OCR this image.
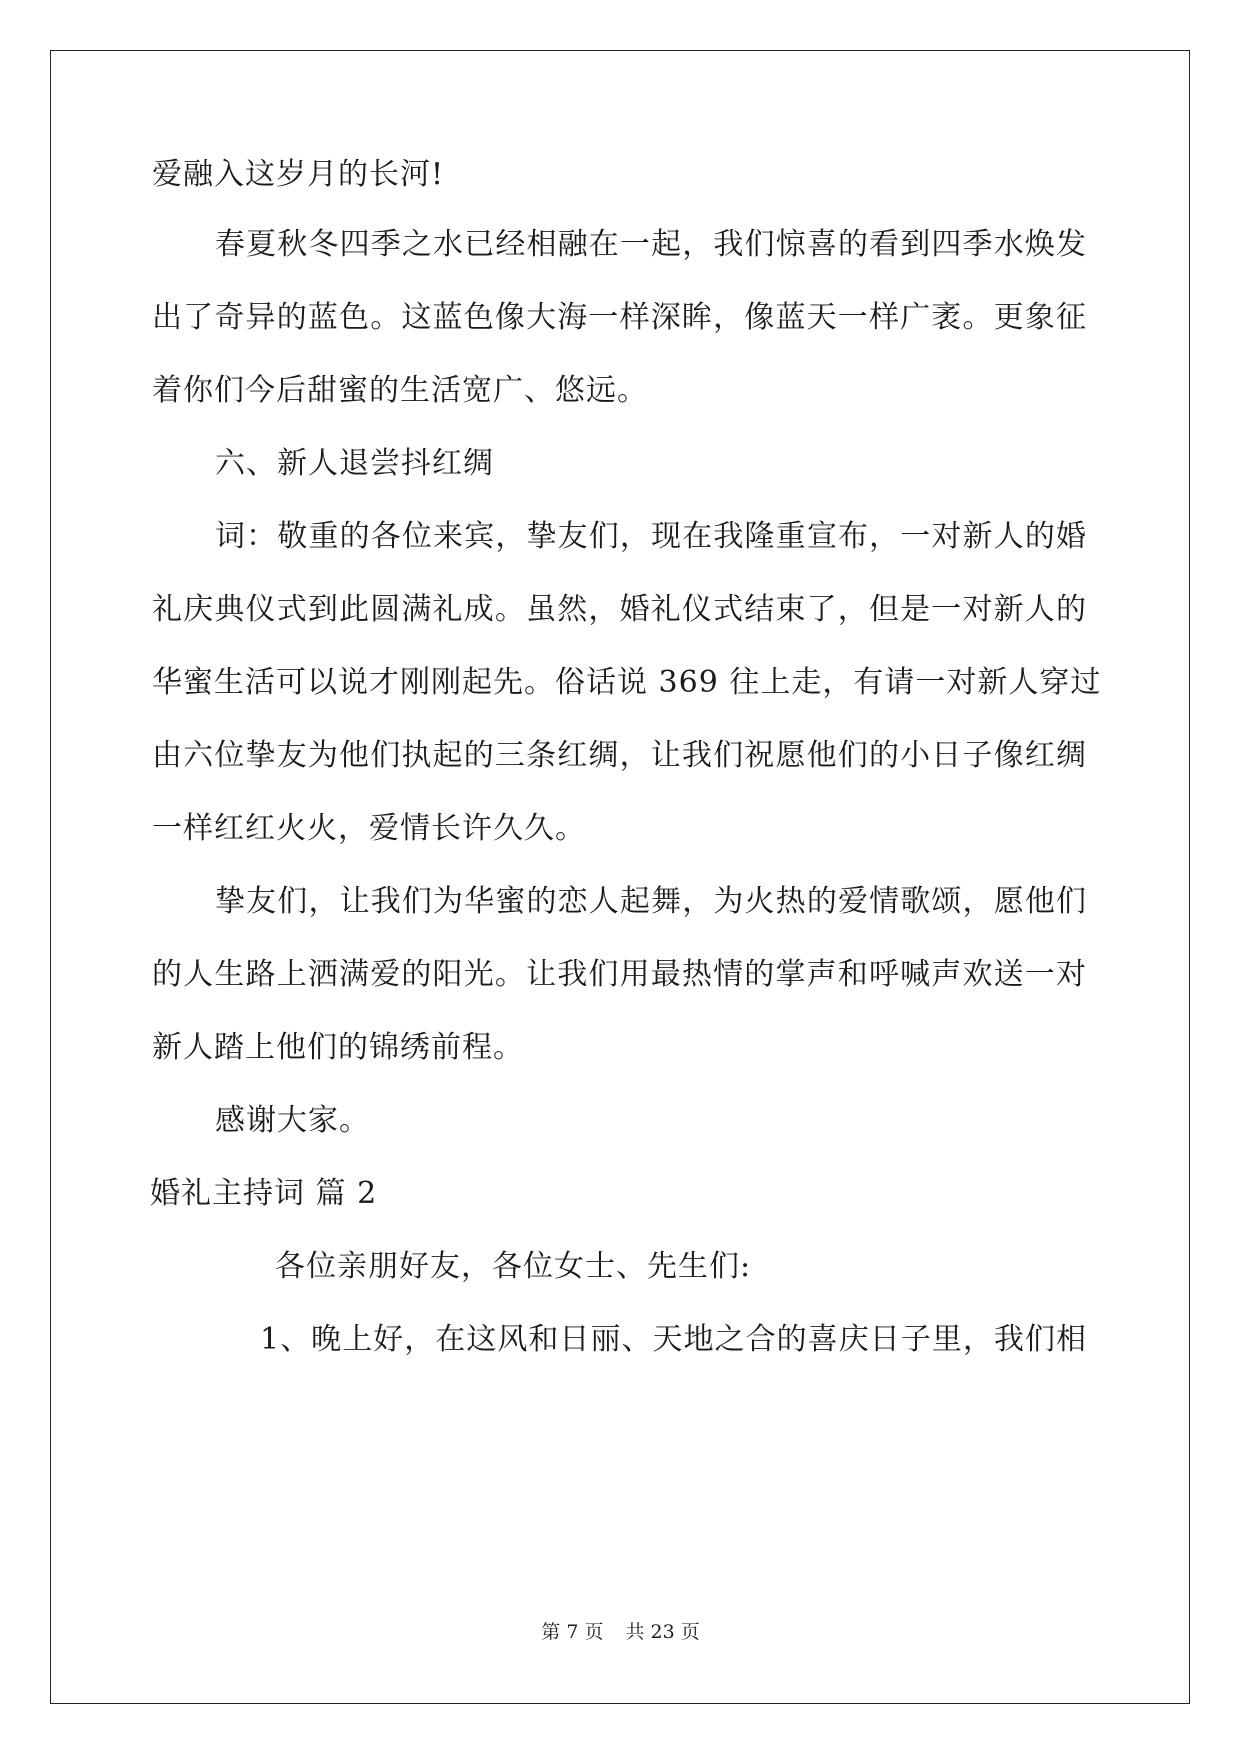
爱融入这岁月的长河!
春夏秋冬四季之水已经相融在一起，我们惊喜的看到四季水焕发
出了奇异的蓝色。这蓝色像大海一样深眸，像蓝天一样广袤。更象征
着你们今后甜蜜的生活宽广、悠远。
六、新人退尝抖红绸
词：敬重的各位来宾，挚友们，现在我隆重宣布，一对新人的婚
礼庆典仪式到此圆满礼成。虽然，婚礼仪式结束了，但是一对新人的
华蜜生活可以说才刚刚起先。俗话说 369 往上走，有请一对新人穿过
由六位挚友为他们执起的三条红绸，让我们祝愿他们的小日子像红绸
一样红红火火，爱情长许久久。
挚友们，让我们为华蜜的恋人起舞，为火热的爱情歌颂，愿他们
的人生路上洒满爱的阳光。让我们用最热情的掌声和呼喊声欢送一对
新人踏上他们的锦绣前程。
感谢大家。
婚礼主持词 篇 2
各位亲朋好友，各位女士、先生们:
1、晚上好，在这风和日丽、天地之合的喜庆日子里，我们相
第 7 页 共 23 页
